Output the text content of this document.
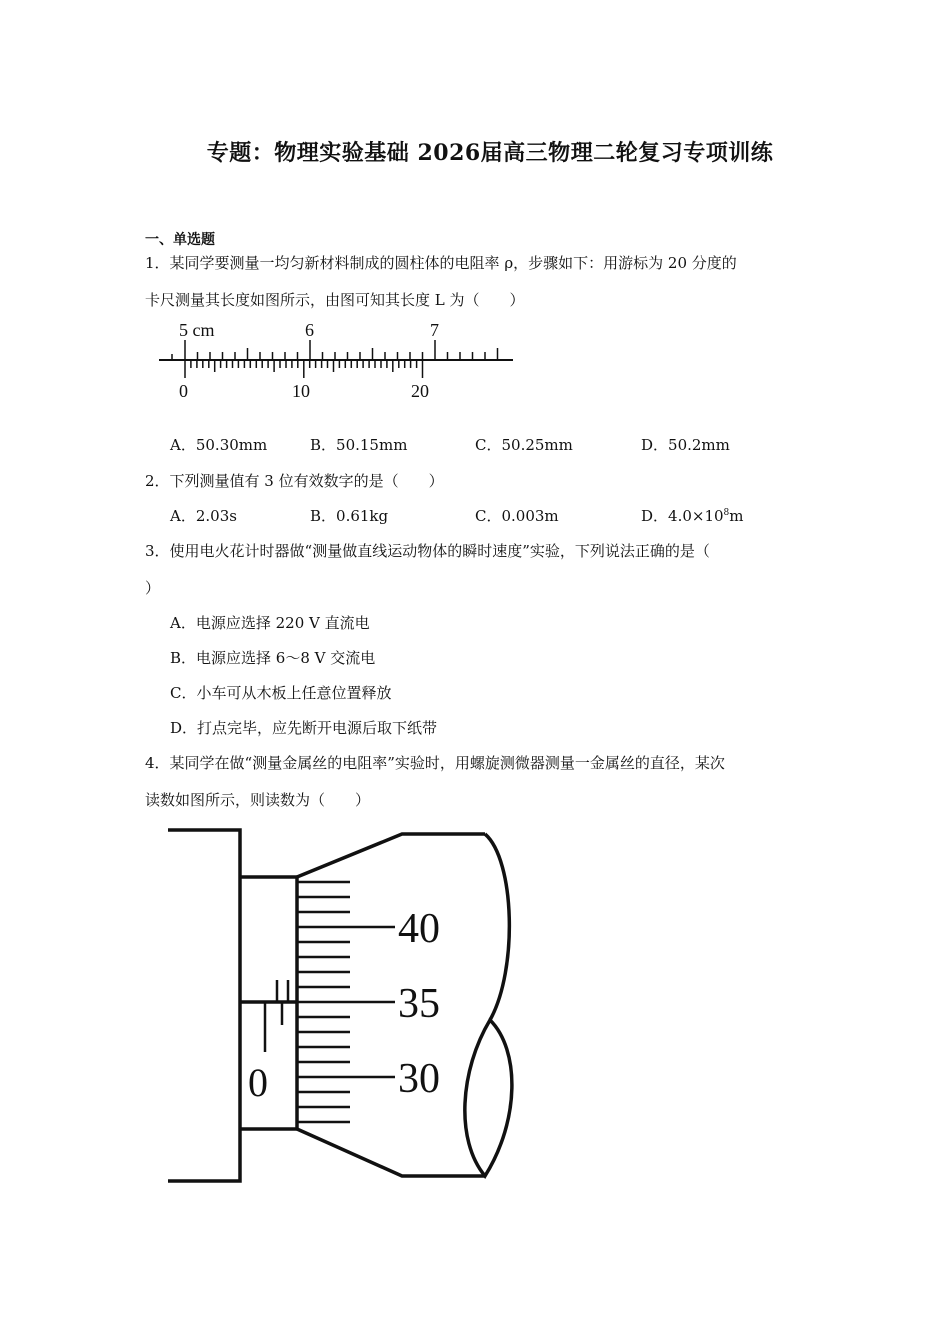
专题：物理实验基础 2026届高三物理二轮复习专项训练
一、单选题
1．某同学要测量一均匀新材料制成的圆柱体的电阻率 ρ，步骤如下：用游标为 20 分度的
卡尺测量其长度如图所示，由图可知其长度 L 为（　　）
5 cm	6	7
0	10	20
A．50.30mm	B．50.15mm	C．50.25mm	D．50.2mm
2．下列测量值有 3 位有效数字的是（　　）
A．2.03s	B．0.61kg	C．0.003m	D．$4.0\times 10^8m$
3．使用电火花计时器做“测量做直线运动物体的瞬时速度”实验，下列说法正确的是（
）
A．电源应选择 220 V 直流电
B．电源应选择 6～8 V 交流电
C．小车可从木板上任意位置释放
D．打点完毕，应先断开电源后取下纸带
4．某同学在做“测量金属丝的电阻率”实验时，用螺旋测微器测量一金属丝的直径，某次
读数如图所示，则读数为（　　）
40
35
30
0
